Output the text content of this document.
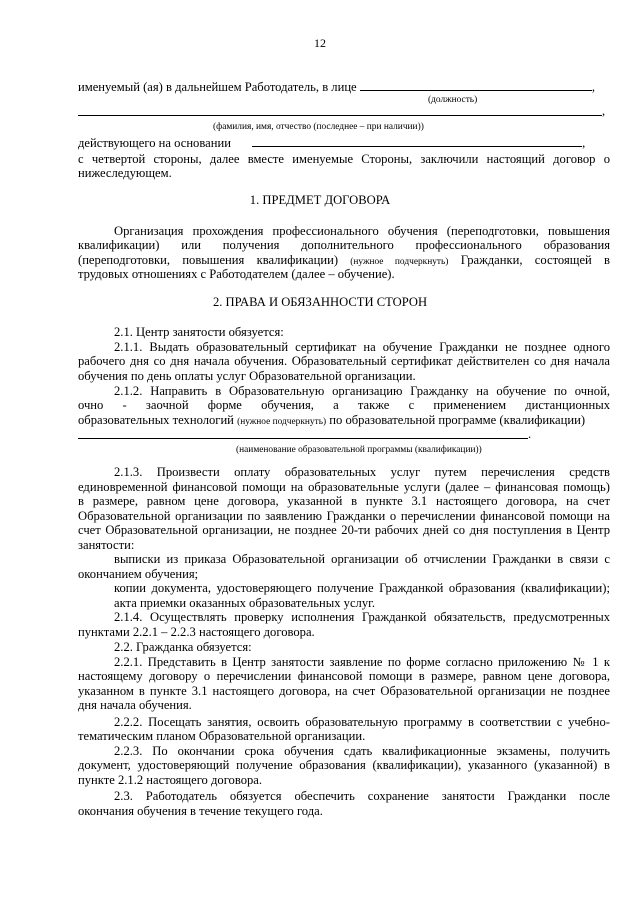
12
именуемый (ая) в дальнейшем Работодатель, в лице	,
(должность)
,
(фамилия, имя, отчество (последнее – при наличии))
действующего на основании	,
с четвертой стороны, далее вместе именуемые Стороны, заключили настоящий договор о
нижеследующем.
1. ПРЕДМЕТ ДОГОВОРА
Организация прохождения профессионального обучения (переподготовки, повышения
квалификации) или получения дополнительного профессионального образования
(переподготовки, повышения квалификации) (нужное подчеркнуть) Гражданки, состоящей в
трудовых отношениях с Работодателем (далее – обучение).
2. ПРАВА И ОБЯЗАННОСТИ СТОРОН
2.1. Центр занятости обязуется:
2.1.1. Выдать образовательный сертификат на обучение Гражданки не позднее одного
рабочего дня со дня начала обучения. Образовательный сертификат действителен со дня начала
обучения по день оплаты услуг Образовательной организации.
2.1.2. Направить в Образовательную организацию Гражданку на обучение по очной,
очно - заочной форме обучения, а также с применением дистанционных
образовательных технологий (нужное подчеркнуть) по образовательной программе (квалификации)
.
(наименование образовательной программы (квалификации))
2.1.3. Произвести оплату образовательных услуг путем перечисления средств
единовременной финансовой помощи на образовательные услуги (далее – финансовая помощь)
в размере, равном цене договора, указанной в пункте 3.1 настоящего договора, на счет
Образовательной организации по заявлению Гражданки о перечислении финансовой помощи на
счет Образовательной организации, не позднее 20-ти рабочих дней со дня поступления в Центр
занятости:
выписки из приказа Образовательной организации об отчислении Гражданки в связи с
окончанием обучения;
копии документа, удостоверяющего получение Гражданкой образования (квалификации);
акта приемки оказанных образовательных услуг.
2.1.4. Осуществлять проверку исполнения Гражданкой обязательств, предусмотренных
пунктами 2.2.1 – 2.2.3 настоящего договора.
2.2. Гражданка обязуется:
2.2.1. Представить в Центр занятости заявление по форме согласно приложению № 1 к
настоящему договору о перечислении финансовой помощи в размере, равном цене договора,
указанном в пункте 3.1 настоящего договора, на счет Образовательной организации не позднее
дня начала обучения.
2.2.2. Посещать занятия, освоить образовательную программу в соответствии с учебно-
тематическим планом Образовательной организации.
2.2.3. По окончании срока обучения сдать квалификационные экзамены, получить
документ, удостоверяющий получение образования (квалификации), указанного (указанной) в
пункте 2.1.2 настоящего договора.
2.3. Работодатель обязуется обеспечить сохранение занятости Гражданки после
окончания обучения в течение текущего года.
